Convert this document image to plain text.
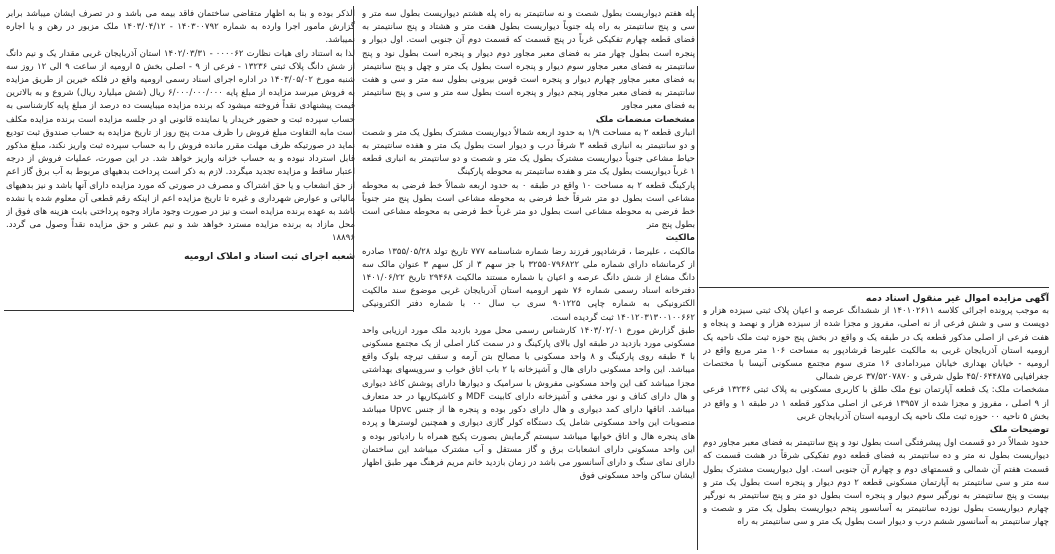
آگهی مزایده اموال غیر منقول اسناد دمه

به موجب پرونده اجرائی کلاسه ۱۴۰۱۰۲۶۱۱ از ششدانگ عرصه و اعیان پلاک ثبتی سیزده هزار و دویست و سی و شش فرعی از نه اصلی، مفروز و مجزا شده از سیزده هزار و نهصد و پنجاه و هفت فرعی از اصلی مذکور قطعه یک در طبقه یک و واقع در بخش پنج حوزه ثبت ملک ناحیه یک ارومیه استان آذربایجان غربی به مالکیت علیرضا قرشادپور به مساحت ۱۰۶ متر مربع واقع در ارومیه - خیابان بهداری خیابان میردامادی ۱۶ متری سوم مجتمع مسکونی آنیسا با مختصات جغرافیایی ۴۵/۰۶۴۴۸۷۵ طول شرقی و ۳۷/۵۲۰۷۸۷۰ عرض شمالی

مشخصات ملک: یک قطعه آپارتمان نوع ملک طلق با کاربری مسکونی به پلاک ثبتی ۱۳۲۳۶ فرعی از ۹ اصلی ، مفروز و مجزا شده از ۱۳۹۵۷ فرعی از اصلی مذکور قطعه ۱ در طبقه ۱ و واقع در بخش ۵ ناحیه ۰۰ حوزه ثبت ملک ناحیه یک ارومیه استان آذربایجان غربی

توضیحات ملک

حدود شمالاً در دو قسمت اول پیشرفتگی است بطول نود و پنج سانتیمتر به فضای معبر مجاور دوم دیواریست بطول نه متر و ده سانتیمتر به فضای قطعه دوم تفکیکی شرقاً در هشت قسمت که قسمت هفتم آن شمالی و قسمتهای دوم و چهارم آن جنوبی است. اول دیواریست مشترک بطول سه متر و سی سانتیمتر به آپارتمان مسکونی قطعه ۲ دوم دیوار و پنجره است بطول یک متر و بیست و پنج سانتیمتر به نورگیر سوم دیوار و پنجره است بطول دو متر و پنج سانتیمتر به نورگیر چهارم دیواریست بطول نوزده سانتیمتر به آسانسور پنجم دیواریست بطول یک متر و شصت و چهار سانتیمتر به آسانسور ششم درب و دیوار است بطول یک متر و سی سانتیمتر به راه

پله هفتم دیواریست بطول شصت و نه سانتیمتر به راه پله هشتم دیواریست بطول سه متر و سی و پنج سانتیمتر به راه پله جنوباً دیواریست بطول هفت متر و هشتاد و پنج سانتیمتر به فضای قطعه چهارم تفکیکی غرباً در پنج قسمت که قسمت دوم آن جنوبی است. اول دیوار و پنجره است بطول چهار متر به فضای معبر مجاور دوم دیوار و پنجره است بطول نود و پنج سانتیمتر به فضای معبر مجاور سوم دیوار و پنجره است بطول یک متر و چهل و پنج سانتیمتر به فضای معبر مجاور چهارم دیوار و پنجره است قوس بیرونی بطول سه متر و سی و هفت سانتیمتر به فضای معبر مجاور پنجم دیوار و پنجره است بطول سه متر و سی و پنج سانتیمتر به فضای معبر مجاور

مشخصات منضمات ملک

انباری قطعه ۲ به مساحت ۱/۹ به حدود اربعه شمالاً دیواریست مشترک بطول یک متر و شصت و دو سانتیمتر به انباری قطعه ۳ شرقاً درب و دیوار است بطول یک متر و هفده سانتیمتر به حیاط مشاعی جنوباً دیواریست مشترک بطول یک متر و شصت و دو سانتیمتر به انباری قطعه ۱ غرباً دیواریست بطول یک متر و هفده سانتیمتر به محوطه پارکینگ

پارکینگ قطعه ۲ به مساحت ۱۰ واقع در طبقه ۰ به حدود اربعه شمالاً خط فرضی به محوطه مشاعی است بطول دو متر شرقاً خط فرضی به محوطه مشاعی است بطول پنج متر جنوباً خط فرضی به محوطه مشاعی است بطول دو متر غرباً خط فرضی به محوطه مشاعی است بطول پنج متر

مالکیت

مالکیت ، علیرضا ، قرشادپور فرزند رضا شماره شناسنامه ۷۷۷ تاریخ تولد ۱۳۵۵/۰۵/۲۸ صادره از کرمانشاه دارای شماره ملی ۳۲۵۵۰۷۹۶۸۲۲ با جز سهم ۳ از کل سهم ۳ عنوان مالک سه دانگ مشاع از شش دانگ عرصه و اعیان با شماره مستند مالکیت ۲۹۴۶۸ تاریخ ۱۴۰۱/۰۶/۲۲ دفترخانه اسناد رسمی شماره ۷۶ شهر ارومیه استان آذربایجان غربی موضوع سند مالکیت الکترونیکی به شماره چاپی ۹۰۱۲۲۵ سری ب سال ۰۰ با شماره دفتر الکترونیکی ۱۴۰۱۲۰۳۱۳۰۰۱۰۰۶۶۲ ثبت گردیده است.

طبق گزارش مورخ ۱۴۰۳/۰۲/۰۱ کارشناس رسمی محل مورد بازدید ملک مورد ارزیابی واحد مسکونی مورد بازدید در طبقه اول بالای پارکینگ و در سمت کنار اصلی از یک مجتمع مسکونی با ۴ طبقه روی پارکینگ و ۸ واحد مسکونی با مصالح بتن آرمه و سقف تیرچه بلوک واقع میباشد. این واحد مسکونی دارای هال و آشپزخانه با ۲ باب اتاق خواب و سرویسهای بهداشتی مجزا میباشد کف این واحد مسکونی مفروش با سرامیک و دیوارها دارای پوشش کاغذ دیواری و هال دارای کناف و نور مخفی و آشپزخانه دارای کابینت MDF و کاشیکاریها در حد متعارف میباشد. اتاقها دارای کمد دیواری و هال دارای دکور بوده و پنجره ها از جنس Upvc میباشد منصوبات این واحد مسکونی شامل یک دستگاه کولر گازی دیواری و همچنین لوسترها و پرده های پنجره هال و اتاق خوابها میباشد سیستم گرمایش بصورت پکیج همراه با رادیاتور بوده و این واحد مسکونی دارای انشعابات برق و گاز مستقل و آب مشترک میباشد این ساختمان دارای نمای سنگ و دارای آسانسور می باشد در زمان بازدید خانم مریم فرهنگ مهر طبق اظهار ایشان ساکن واحد مسکونی فوق

الذکر بوده و بنا به اظهار متقاضی ساختمان فاقد بیمه می باشد و در تصرف ایشان میباشد برابر گزارش مامور اجرا وارده به شماره ۱۴۰۳۰۰۷۹۲ - ۱۴۰۳/۰۴/۱۲ ملک مزبور در رهن و یا اجاره نمیباشد.

لذا به استناد رای هیات نظارت ۰۰۰۰۶۲ - ۱۴۰۲/۰۳/۳۱ استان آذربایجان غربی مقدار یک و نیم دانگ از شش دانگ پلاک ثبتی ۱۳۲۳۶ - فرعی از ۹ - اصلی بخش ۵ ارومیه از ساعت ۹ الی ۱۲ روز سه شنبه مورخ ۱۴۰۳/۰۵/۰۲ در اداره اجرای اسناد رسمی ارومیه واقع در فلکه خیرین از طریق مزایده به فروش میرسد مزایده از مبلغ پایه ۶/۰۰۰/۰۰۰/۰۰۰ ریال (شش میلیارد ریال) شروع و به بالاترین قیمت پیشنهادی نقداً فروخته میشود که برنده مزایده میبایست ده درصد از مبلغ پایه کارشناسی به حساب سپرده ثبت و حضور خریدار یا نماینده قانونی او در جلسه مزایده است برنده مزایده مکلف است مابه التفاوت مبلغ فروش را ظرف مدت پنج روز از تاریخ مزایده به حساب صندوق ثبت تودیع نماید در صورتیکه ظرف مهلت مقرر مانده فروش را به حساب سپرده ثبت واریز نکند، مبلغ مذکور قابل استرداد نبوده و به حساب خزانه واریز خواهد شد. در این صورت، عملیات فروش از درجه اعتبار ساقط و مزایده تجدید میگردد. لازم به ذکر است پرداخت بدهیهای مربوط به آب برق گاز اعم از حق انشعاب و یا حق اشتراک و مصرف در صورتی که مورد مزایده دارای آنها باشد و نیز بدهیهای مالیاتی و عوارض شهرداری و غیره تا تاریخ مزایده اعم از اینکه رقم قطعی آن معلوم شده یا نشده باشد به عهده برنده مزایده است و نیز در صورت وجود مازاد وجوه پرداختی بابت هزینه های فوق از محل مازاد به برنده مزایده مسترد خواهد شد و نیم عشر و حق مزایده نقداً وصول می گردد. ۱۸۸۹۶

شعبه اجرای ثبت اسناد و املاک ارومیه
